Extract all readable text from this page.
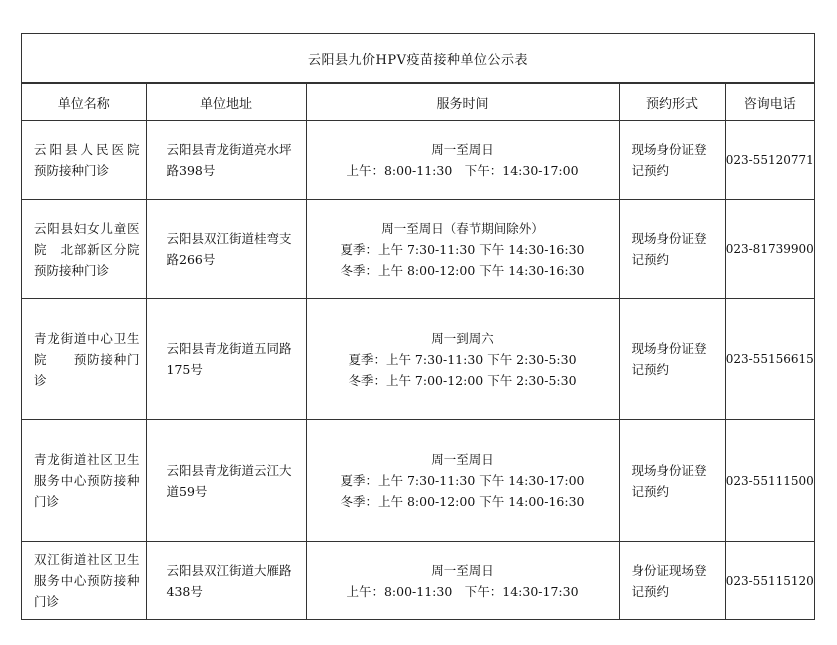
云阳县九价HPV疫苗接种单位公示表
单位名称	单位地址	服务时间	预约形式	咨询电话
云阳县人民医院　　预防接种门诊	云阳县青龙街道亮水坪路398号	周一至周日
上午：8:00-11:30　下午：14:30-17:00	现场身份证登记预约	023-55120771
云阳县妇女儿童医院　北部新区分院预防接种门诊	云阳县双江街道桂弯支路266号	周一至周日（春节期间除外）
夏季：上午 7:30-11:30 下午 14:30-16:30
冬季：上午 8:00-12:00 下午 14:30-16:30	现场身份证登记预约	023-81739900
青龙街道中心卫生院　　预防接种门诊	云阳县青龙街道五同路175号	周一到周六
夏季：上午 7:30-11:30 下午 2:30-5:30
冬季：上午 7:00-12:00 下午 2:30-5:30	现场身份证登记预约	023-55156615
青龙街道社区卫生服务中心预防接种门诊	云阳县青龙街道云江大道59号	周一至周日
夏季：上午 7:30-11:30 下午 14:30-17:00
冬季：上午 8:00-12:00 下午 14:00-16:30	现场身份证登记预约	023-55111500
双江街道社区卫生服务中心预防接种门诊	云阳县双江街道大雁路438号	周一至周日
上午：8:00-11:30　下午：14:30-17:30	身份证现场登记预约	023-55115120
